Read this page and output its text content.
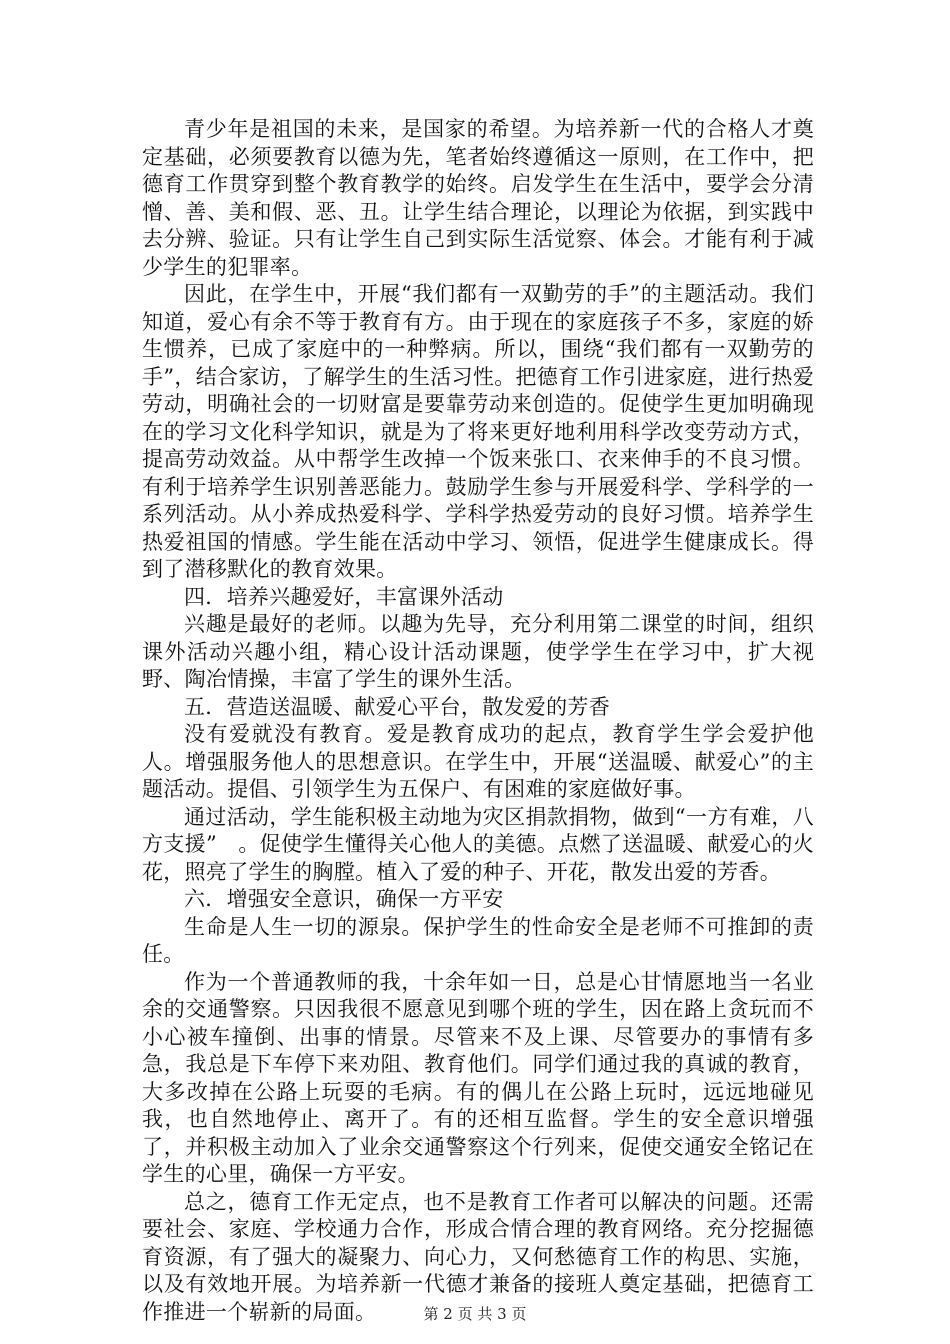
青少年是祖国的未来，是国家的希望。为培养新一代的合格人才奠定基础，必须要教育以德为先，笔者始终遵循这一原则，在工作中，把德育工作贯穿到整个教育教学的始终。启发学生在生活中，要学会分清憎、善、美和假、恶、丑。让学生结合理论，以理论为依据，到实践中去分辨、验证。只有让学生自己到实际生活觉察、体会。才能有利于减少学生的犯罪率。

因此，在学生中，开展“我们都有一双勤劳的手”的主题活动。我们知道，爱心有余不等于教育有方。由于现在的家庭孩子不多，家庭的娇生惯养，已成了家庭中的一种弊病。所以，围绕“我们都有一双勤劳的手”，结合家访，了解学生的生活习性。把德育工作引进家庭，进行热爱劳动，明确社会的一切财富是要靠劳动来创造的。促使学生更加明确现在的学习文化科学知识，就是为了将来更好地利用科学改变劳动方式，提高劳动效益。从中帮学生改掉一个饭来张口、衣来伸手的不良习惯。有利于培养学生识别善恶能力。鼓励学生参与开展爱科学、学科学的一系列活动。从小养成热爱科学、学科学热爱劳动的良好习惯。培养学生热爱祖国的情感。学生能在活动中学习、领悟，促进学生健康成长。得到了潜移默化的教育效果。

四．培养兴趣爱好，丰富课外活动

兴趣是最好的老师。以趣为先导，充分利用第二课堂的时间，组织课外活动兴趣小组，精心设计活动课题，使学学生在学习中，扩大视野、陶冶情操，丰富了学生的课外生活。

五．营造送温暖、献爱心平台，散发爱的芳香

没有爱就没有教育。爱是教育成功的起点，教育学生学会爱护他人。增强服务他人的思想意识。在学生中，开展“送温暖、献爱心”的主题活动。提倡、引领学生为五保户、有困难的家庭做好事。

通过活动，学生能积极主动地为灾区捐款捐物，做到“一方有难，八方支援”　。促使学生懂得关心他人的美德。点燃了送温暖、献爱心的火花，照亮了学生的胸膛。植入了爱的种子、开花，散发出爱的芳香。

六．增强安全意识，确保一方平安

生命是人生一切的源泉。保护学生的性命安全是老师不可推卸的责任。

作为一个普通教师的我，十余年如一日，总是心甘情愿地当一名业余的交通警察。只因我很不愿意见到哪个班的学生，因在路上贪玩而不小心被车撞倒、出事的情景。尽管来不及上课、尽管要办的事情有多急，我总是下车停下来劝阻、教育他们。同学们通过我的真诚的教育，大多改掉在公路上玩耍的毛病。有的偶儿在公路上玩时，远远地碰见我，也自然地停止、离开了。有的还相互监督。学生的安全意识增强了，并积极主动加入了业余交通警察这个行列来，促使交通安全铭记在学生的心里，确保一方平安。

总之，德育工作无定点，也不是教育工作者可以解决的问题。还需要社会、家庭、学校通力合作，形成合情合理的教育网络。充分挖掘德育资源，有了强大的凝聚力、向心力，又何愁德育工作的构思、实施，以及有效地开展。为培养新一代德才兼备的接班人奠定基础，把德育工作推进一个崭新的局面。	第 2 页 共 3 页
